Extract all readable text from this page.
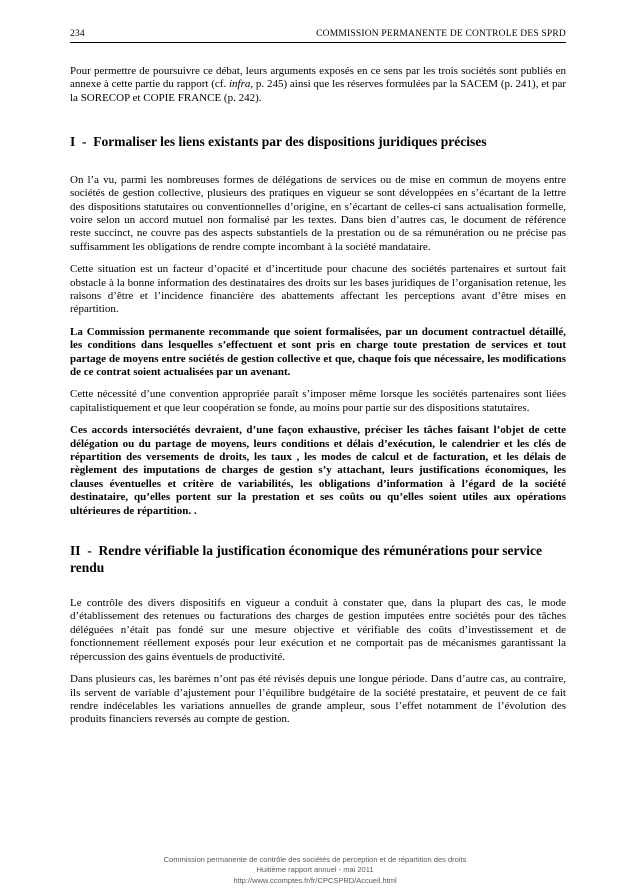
234	COMMISSION PERMANENTE DE CONTROLE DES SPRD

Pour permettre de poursuivre ce débat, leurs arguments exposés en ce sens par les trois sociétés sont publiés en annexe à cette partie du rapport (cf. infra, p. 245) ainsi que les réserves formulées par la SACEM (p. 241), et par la SORECOP et COPIE FRANCE (p. 242).

I - Formaliser les liens existants par des dispositions juridiques précises

On l’a vu, parmi les nombreuses formes de délégations de services ou de mise en commun de moyens entre sociétés de gestion collective, plusieurs des pratiques en vigueur se sont développées en s’écartant de la lettre des dispositions statutaires ou conventionnelles d’origine, en s’écartant de celles-ci sans actualisation formelle, voire selon un accord mutuel non formalisé par les textes. Dans bien d’autres cas, le document de référence reste succinct, ne couvre pas des aspects substantiels de la prestation ou de sa rémunération ou ne précise pas suffisamment les obligations de rendre compte incombant à la société mandataire.

Cette situation est un facteur d’opacité et d’incertitude pour chacune des sociétés partenaires et surtout fait obstacle à la bonne information des destinataires des droits sur les bases juridiques de l’organisation retenue, les raisons d’être et l’incidence financière des abattements affectant les perceptions avant d’être mises en répartition.

La Commission permanente recommande que soient formalisées, par un document contractuel détaillé, les conditions dans lesquelles s’effectuent et sont pris en charge toute prestation de services et tout partage de moyens entre sociétés de gestion collective et que, chaque fois que nécessaire, les modifications de ce contrat soient actualisées par un avenant.

Cette nécessité d’une convention appropriée paraît s’imposer même lorsque les sociétés partenaires sont liées capitalistiquement et que leur coopération se fonde, au moins pour partie sur des dispositions statutaires.

Ces accords intersociétés devraient, d’une façon exhaustive, préciser les tâches faisant l’objet de cette délégation ou du partage de moyens, leurs conditions et délais d’exécution, le calendrier et les clés de répartition des versements de droits, les taux , les modes de calcul et de facturation, et les délais de règlement des imputations de charges de gestion s’y attachant, leurs justifications économiques, les clauses éventuelles et critère de variabilités, les obligations d’information à l’égard de la société destinataire, qu’elles portent sur la prestation et ses coûts ou qu’elles soient utiles aux opérations ultérieures de répartition. .

II - Rendre vérifiable la justification économique des rémunérations pour service rendu

Le contrôle des divers dispositifs en vigueur a conduit à constater que, dans la plupart des cas, le mode d’établissement des retenues ou facturations des charges de gestion imputées entre sociétés pour des tâches déléguées n’était pas fondé sur une mesure objective et vérifiable des coûts d’investissement et de fonctionnement réellement exposés pour leur exécution et ne comportait pas de mécanismes garantissant la répercussion des gains éventuels de productivité.

Dans plusieurs cas, les barèmes n’ont pas été révisés depuis une longue période. Dans d’autre cas, au contraire, ils servent de variable d’ajustement pour l’équilibre budgétaire de la société prestataire, et peuvent de ce fait rendre indécelables les variations annuelles de grande ampleur, sous l’effet notamment de l’évolution des produits financiers reversés au compte de gestion.

Commission permanente de contrôle des sociétés de perception et de répartition des droits
Huitième rapport annuel - mai 2011
http://www.ccomptes.fr/fr/CPCSPRD/Accueil.html
